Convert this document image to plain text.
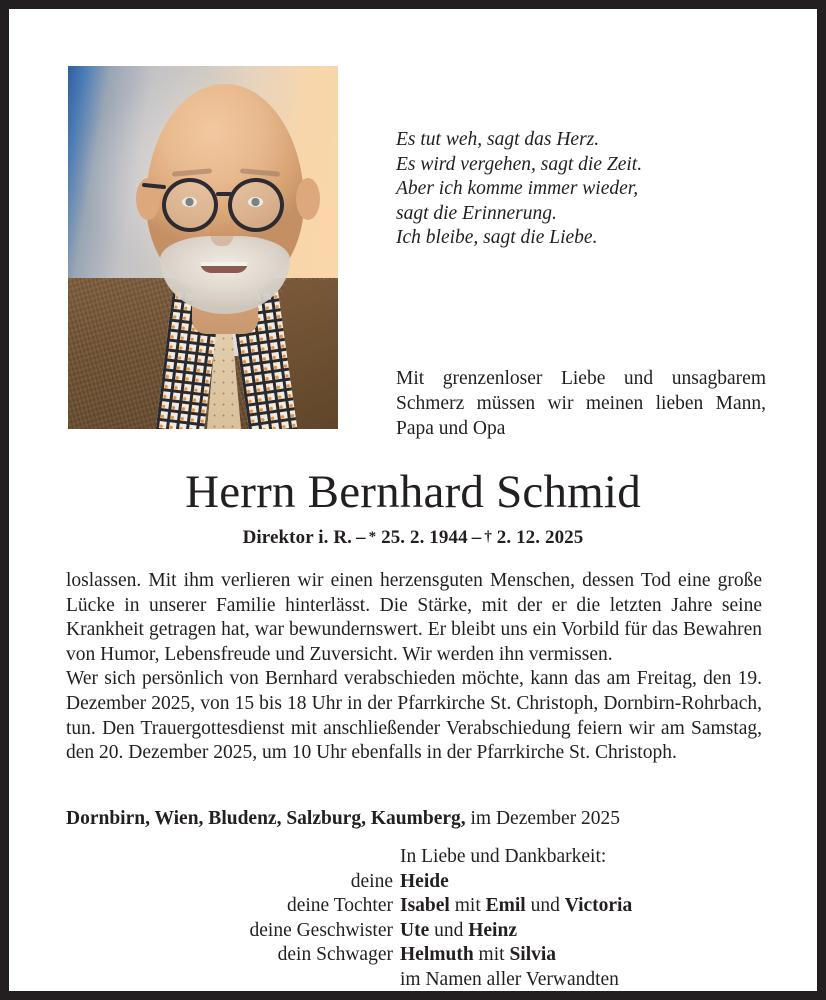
Es tut weh, sagt das Herz.
Es wird vergehen, sagt die Zeit.
Aber ich komme immer wieder,
sagt die Erinnerung.
Ich bleibe, sagt die Liebe.
Mit grenzenloser Liebe und unsagbarem Schmerz müssen wir meinen lieben Mann, Papa und Opa
Herrn Bernhard Schmid
Direktor i. R. – * 25. 2. 1944 – † 2. 12. 2025

loslassen. Mit ihm verlieren wir einen herzensguten Menschen, dessen Tod eine große Lücke in unserer Familie hinterlässt. Die Stärke, mit der er die letzten Jahre seine Krankheit getragen hat, war bewundernswert. Er bleibt uns ein Vorbild für das Bewahren von Humor, Lebensfreude und Zuversicht. Wir werden ihn vermissen.

Wer sich persönlich von Bernhard verabschieden möchte, kann das am Freitag, den 19. Dezember 2025, von 15 bis 18 Uhr in der Pfarrkirche St. Christoph, Dornbirn-Rohrbach, tun. Den Trauergottesdienst mit anschließender Verabschiedung feiern wir am Samstag, den 20. Dezember 2025, um 10 Uhr ebenfalls in der Pfarrkirche St. Christoph.

Dornbirn, Wien, Bludenz, Salzburg, Kaumberg, im Dezember 2025
In Liebe und Dankbarkeit:
deine Heide
deine Tochter Isabel mit Emil und Victoria
deine Geschwister Ute und Heinz
dein Schwager Helmuth mit Silvia
im Namen aller Verwandten
